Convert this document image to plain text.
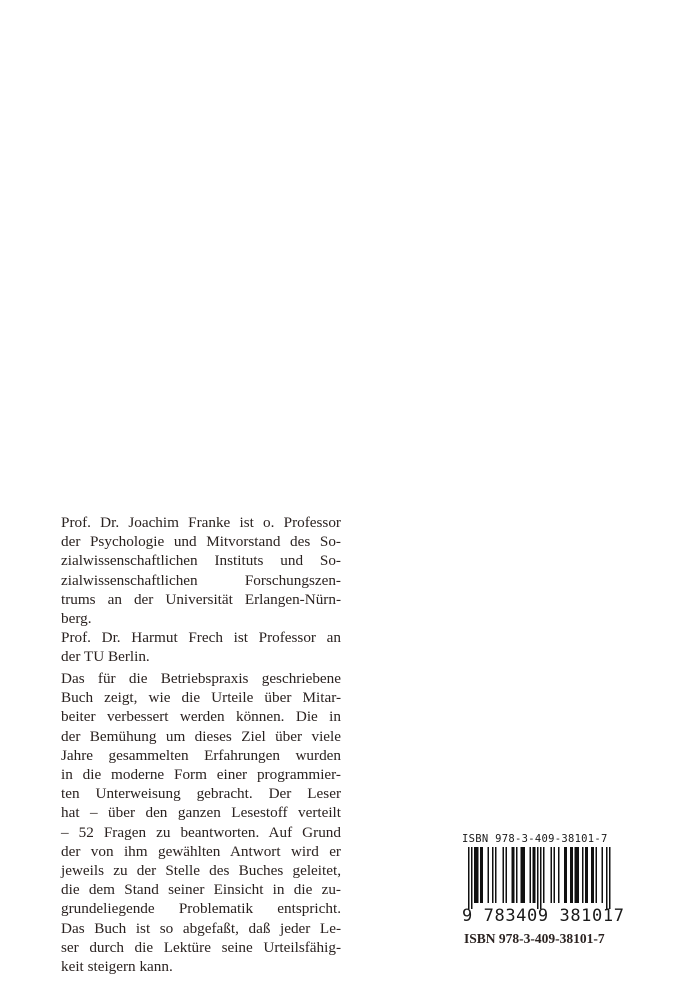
Prof. Dr. Joachim Franke ist o. Professor
der Psychologie und Mitvorstand des So-
zialwissenschaftlichen Instituts und So-
zialwissenschaftlichen Forschungszen-
trums an der Universität Erlangen-Nürn-
berg.
Prof. Dr. Harmut Frech ist Professor an
der TU Berlin.
Das für die Betriebspraxis geschriebene
Buch zeigt, wie die Urteile über Mitar-
beiter verbessert werden können. Die in
der Bemühung um dieses Ziel über viele
Jahre gesammelten Erfahrungen wurden
in die moderne Form einer programmier-
ten Unterweisung gebracht. Der Leser
hat – über den ganzen Lesestoff verteilt
– 52 Fragen zu beantworten. Auf Grund
der von ihm gewählten Antwort wird er
jeweils zu der Stelle des Buches geleitet,
die dem Stand seiner Einsicht in die zu-
grundeliegende Problematik entspricht.
Das Buch ist so abgefaßt, daß jeder Le-
ser durch die Lektüre seine Urteilsfähig-
keit steigern kann.
ISBN 978-3-409-38101-7
9 783409 381017
ISBN 978-3-409-38101-7
